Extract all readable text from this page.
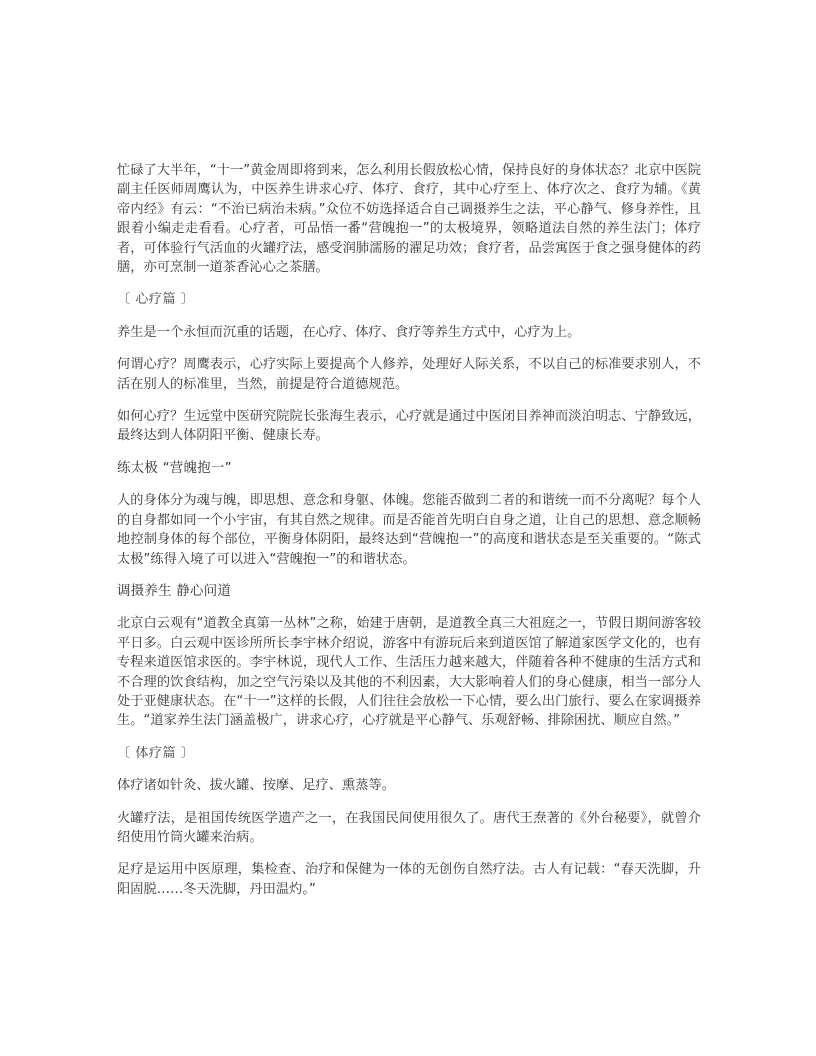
忙碌了大半年，“十一”黄金周即将到来，怎么利用长假放松心情，保持良好的身体状态？北京中医院副主任医师周鹰认为，中医养生讲求心疗、体疗、食疗，其中心疗至上、体疗次之、食疗为辅。《黄帝内经》有云：“不治已病治未病。”众位不妨选择适合自己调摄养生之法，平心静气、修身养性，且跟着小编走走看看。心疗者，可品悟一番“营魄抱一”的太极境界，领略道法自然的养生法门；体疗者，可体验行气活血的火罐疗法，感受润肺濡肠的濯足功效；食疗者，品尝寓医于食之强身健体的药膳，亦可烹制一道茶香沁心之茶膳。

〔 心疗篇 〕

养生是一个永恒而沉重的话题，在心疗、体疗、食疗等养生方式中，心疗为上。

何谓心疗？周鹰表示，心疗实际上要提高个人修养，处理好人际关系，不以自己的标准要求别人，不活在别人的标准里，当然，前提是符合道德规范。

如何心疗？生远堂中医研究院院长张海生表示，心疗就是通过中医闭目养神而淡泊明志、宁静致远，最终达到人体阴阳平衡、健康长寿。

练太极 “营魄抱一”

人的身体分为魂与魄，即思想、意念和身躯、体魄。您能否做到二者的和谐统一而不分离呢？每个人的自身都如同一个小宇宙，有其自然之规律。而是否能首先明白自身之道，让自己的思想、意念顺畅地控制身体的每个部位，平衡身体阴阳，最终达到“营魄抱一”的高度和谐状态是至关重要的。“陈式太极”练得入境了可以进入“营魄抱一”的和谐状态。

调摄养生 静心问道

北京白云观有“道教全真第一丛林”之称，始建于唐朝，是道教全真三大祖庭之一，节假日期间游客较平日多。白云观中医诊所所长李宇林介绍说，游客中有游玩后来到道医馆了解道家医学文化的，也有专程来道医馆求医的。李宇林说，现代人工作、生活压力越来越大，伴随着各种不健康的生活方式和不合理的饮食结构，加之空气污染以及其他的不利因素，大大影响着人们的身心健康，相当一部分人处于亚健康状态。在“十一”这样的长假，人们往往会放松一下心情，要么出门旅行、要么在家调摄养生。“道家养生法门涵盖极广，讲求心疗，心疗就是平心静气、乐观舒畅、排除困扰、顺应自然。”

〔 体疗篇 〕

体疗诸如针灸、拔火罐、按摩、足疗、熏蒸等。

火罐疗法，是祖国传统医学遗产之一，在我国民间使用很久了。唐代王焘著的《外台秘要》，就曾介绍使用竹筒火罐来治病。

足疗是运用中医原理，集检查、治疗和保健为一体的无创伤自然疗法。古人有记载：“春天洗脚，升阳固脱……冬天洗脚，丹田温灼。”
